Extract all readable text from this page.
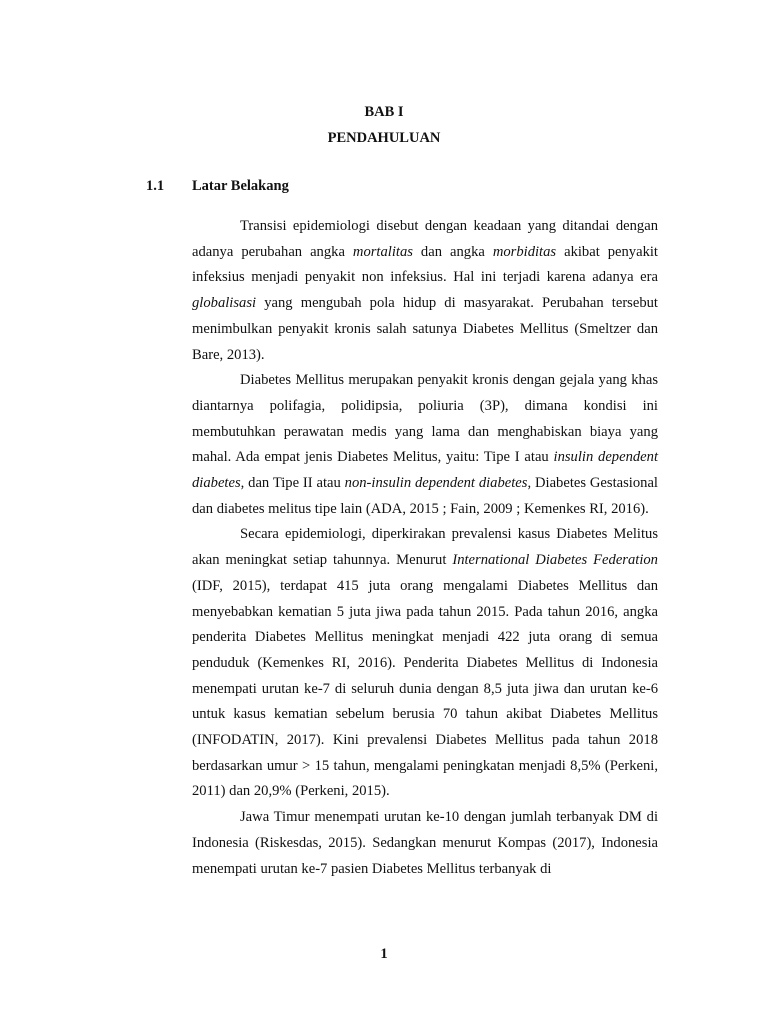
BAB I
PENDAHULUAN
1.1 Latar Belakang

Transisi epidemiologi disebut dengan keadaan yang ditandai dengan adanya perubahan angka mortalitas dan angka morbiditas akibat penyakit infeksius menjadi penyakit non infeksius. Hal ini terjadi karena adanya era globalisasi yang mengubah pola hidup di masyarakat. Perubahan tersebut menimbulkan penyakit kronis salah satunya Diabetes Mellitus (Smeltzer dan Bare, 2013).

Diabetes Mellitus merupakan penyakit kronis dengan gejala yang khas diantarnya polifagia, polidipsia, poliuria (3P), dimana kondisi ini membutuhkan perawatan medis yang lama dan menghabiskan biaya yang mahal. Ada empat jenis Diabetes Melitus, yaitu: Tipe I atau insulin dependent diabetes, dan Tipe II atau non-insulin dependent diabetes, Diabetes Gestasional dan diabetes melitus tipe lain (ADA, 2015 ; Fain, 2009 ; Kemenkes RI, 2016).

Secara epidemiologi, diperkirakan prevalensi kasus Diabetes Melitus akan meningkat setiap tahunnya. Menurut International Diabetes Federation (IDF, 2015), terdapat 415 juta orang mengalami Diabetes Mellitus dan menyebabkan kematian 5 juta jiwa pada tahun 2015. Pada tahun 2016, angka penderita Diabetes Mellitus meningkat menjadi 422 juta orang di semua penduduk (Kemenkes RI, 2016). Penderita Diabetes Mellitus di Indonesia menempati urutan ke-7 di seluruh dunia dengan 8,5 juta jiwa dan urutan ke-6 untuk kasus kematian sebelum berusia 70 tahun akibat Diabetes Mellitus (INFODATIN, 2017). Kini prevalensi Diabetes Mellitus pada tahun 2018 berdasarkan umur > 15 tahun, mengalami peningkatan menjadi 8,5% (Perkeni, 2011) dan 20,9% (Perkeni, 2015).

Jawa Timur menempati urutan ke-10 dengan jumlah terbanyak DM di Indonesia (Riskesdas, 2015). Sedangkan menurut Kompas (2017), Indonesia menempati urutan ke-7 pasien Diabetes Mellitus terbanyak di

1
